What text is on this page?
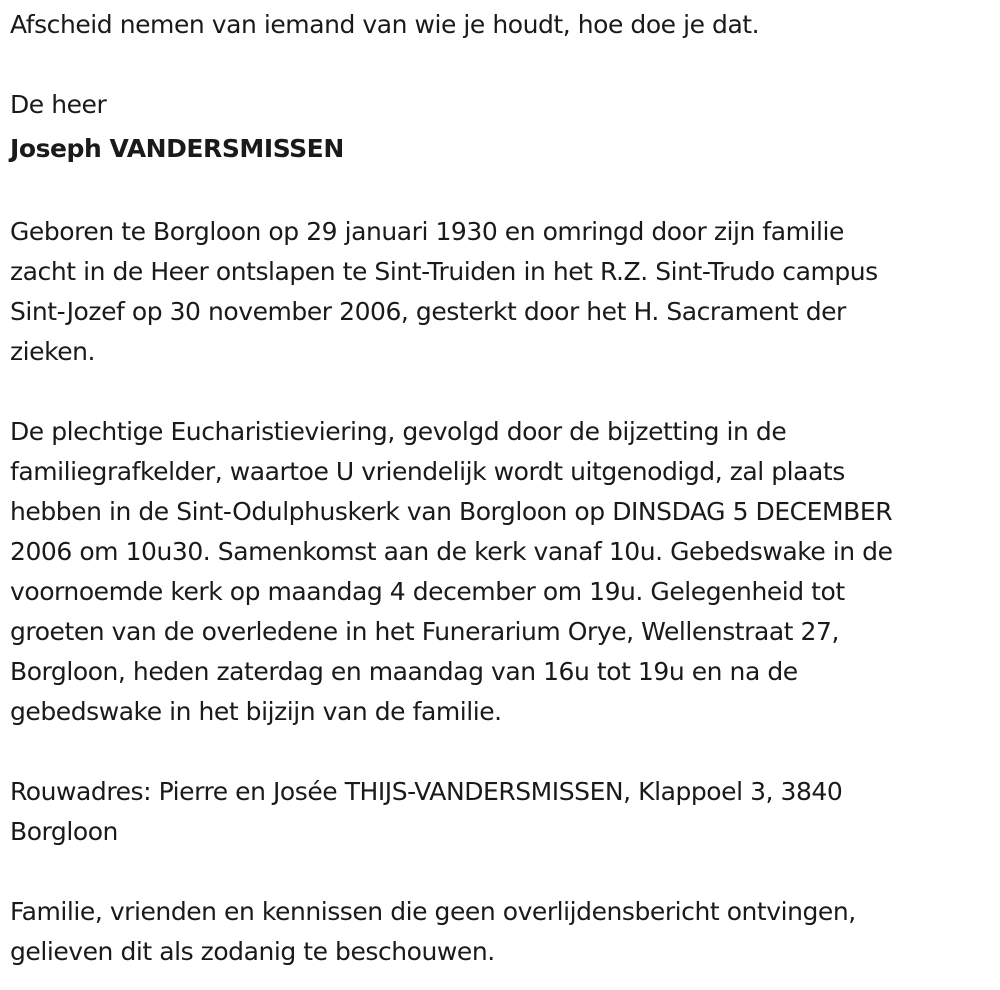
Afscheid nemen van iemand van wie je houdt, hoe doe je dat.

De heer

Joseph VANDERSMISSEN

Geboren te Borgloon op 29 januari 1930 en omringd door zijn familie

zacht in de Heer ontslapen te Sint-Truiden in het R.Z. Sint-Trudo campus

Sint-Jozef op 30 november 2006, gesterkt door het H. Sacrament der

zieken.

De plechtige Eucharistieviering, gevolgd door de bijzetting in de

familiegrafkelder, waartoe U vriendelijk wordt uitgenodigd, zal plaats

hebben in de Sint-Odulphuskerk van Borgloon op DINSDAG 5 DECEMBER

2006 om 10u30. Samenkomst aan de kerk vanaf 10u. Gebedswake in de

voornoemde kerk op maandag 4 december om 19u. Gelegenheid tot

groeten van de overledene in het Funerarium Orye, Wellenstraat 27,

Borgloon, heden zaterdag en maandag van 16u tot 19u en na de

gebedswake in het bijzijn van de familie.

Rouwadres: Pierre en Josée THIJS-VANDERSMISSEN, Klappoel 3, 3840

Borgloon

Familie, vrienden en kennissen die geen overlijdensbericht ontvingen,

gelieven dit als zodanig te beschouwen.
